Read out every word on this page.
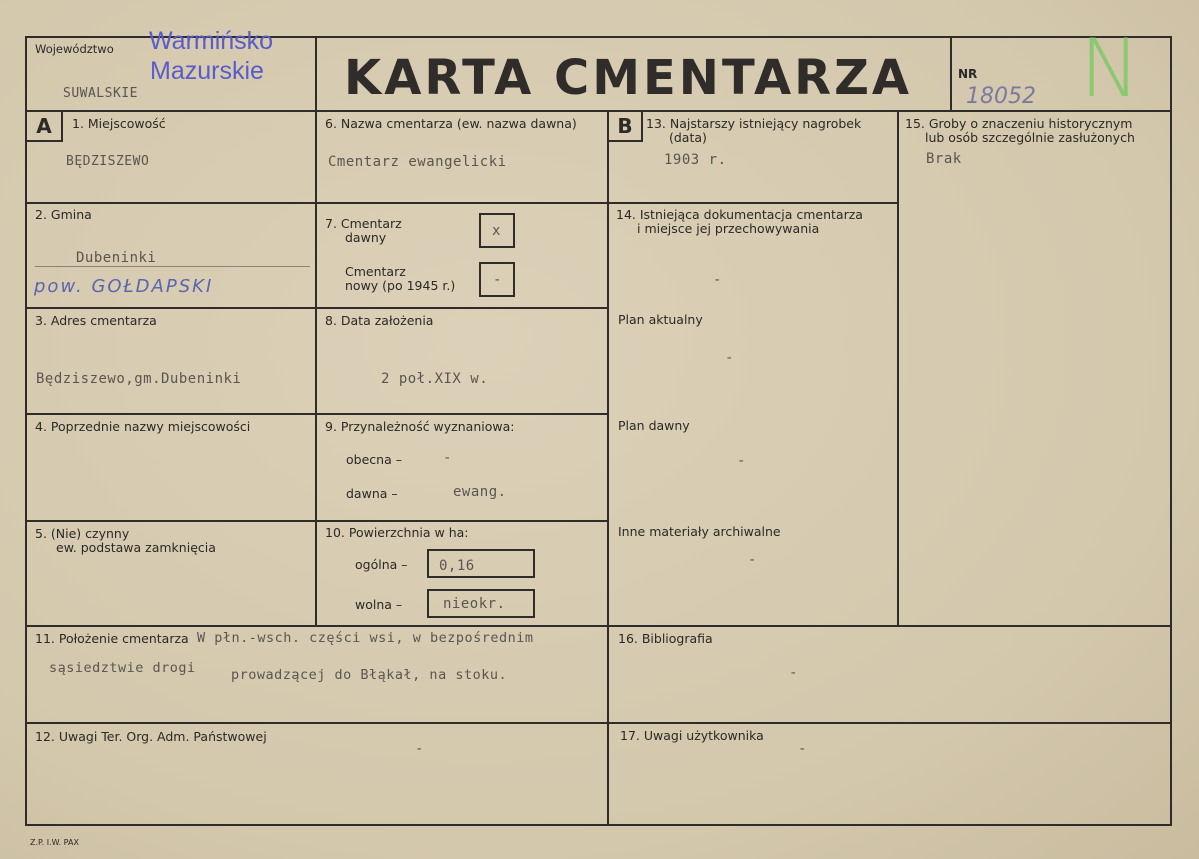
Województwo Warmińsko
Mazurskie
SUWALSKIE	KARTA CMENTARZA	NR
18052 N
A	1. Miejscowość
BĘDZISZEWO
2. Gmina
Dubeninki
pow. GOŁDAPSKI
3. Adres cmentarza
Będziszewo,gm.Dubeninki
4. Poprzednie nazwy miejscowości
5. (Nie) czynny
ew. podstawa zamknięcia
6. Nazwa cmentarza (ew. nazwa dawna)
Cmentarz ewangelicki
7. Cmentarz
dawny	x
Cmentarz
nowy (po 1945 r.)	-
8. Data założenia
2 poł.XIX w.
9. Przynależność wyznaniowa:
obecna –	-
dawna –	ewang.
10. Powierzchnia w ha:
ogólna – 0,16
wolna –	nieokr.
B	13. Najstarszy istniejący nagrobek
(data)
1903 r.
14. Istniejąca dokumentacja cmentarza
i miejsce jej przechowywania
-
Plan aktualny
-
Plan dawny
-
Inne materiały archiwalne
-
15. Groby o znaczeniu historycznym
lub osób szczególnie zasłużonych
Brak
11. Położenie cmentarza W płn.-wsch. części wsi, w bezpośrednim
sąsiedztwie drogi	prowadzącej do Błąkał, na stoku.
12. Uwagi Ter. Org. Adm. Państwowej
-
16. Bibliografia
-
17. Uwagi użytkownika
-
Z.P. I.W. PAX
